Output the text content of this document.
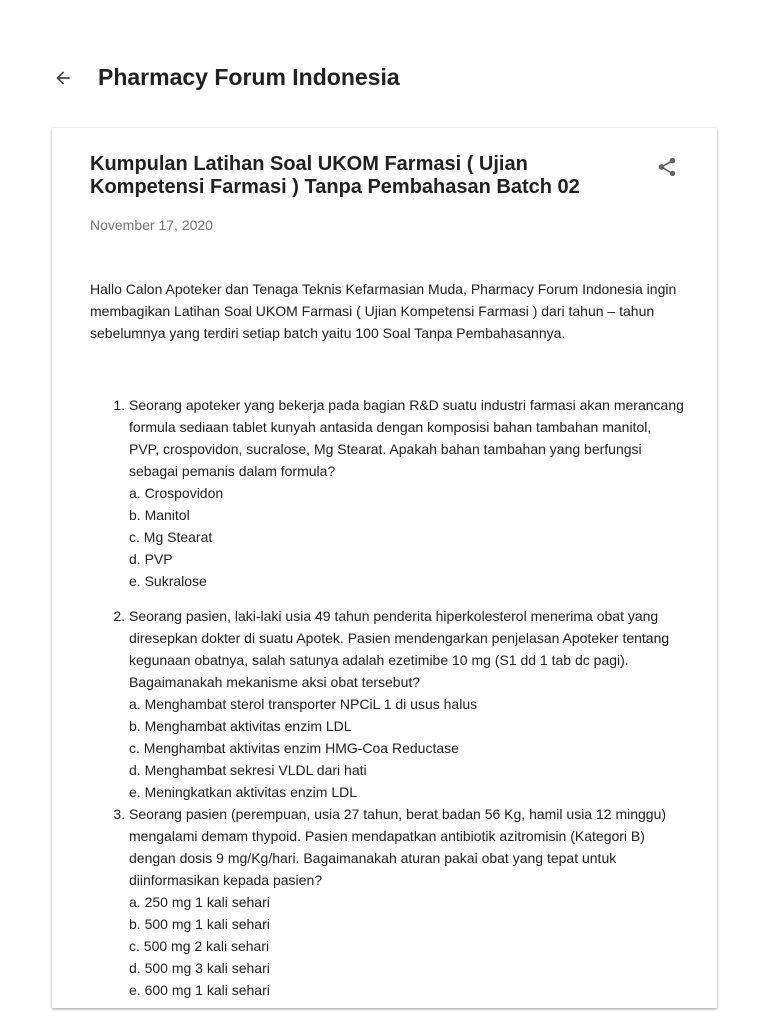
Pharmacy Forum Indonesia
Kumpulan Latihan Soal UKOM Farmasi ( Ujian Kompetensi Farmasi ) Tanpa Pembahasan Batch 02
November 17, 2020

Hallo Calon Apoteker dan Tenaga Teknis Kefarmasian Muda, Pharmacy Forum Indonesia ingin membagikan Latihan Soal UKOM Farmasi ( Ujian Kompetensi Farmasi ) dari tahun – tahun sebelumnya yang terdiri setiap batch yaitu 100 Soal Tanpa Pembahasannya.

1. Seorang apoteker yang bekerja pada bagian R&D suatu industri farmasi akan merancang formula sediaan tablet kunyah antasida dengan komposisi bahan tambahan manitol, PVP, crospovidon, sucralose, Mg Stearat. Apakah bahan tambahan yang berfungsi sebagai pemanis dalam formula?
a. Crospovidon
b. Manitol
c. Mg Stearat
d. PVP
e. Sukralose
2. Seorang pasien, laki-laki usia 49 tahun penderita hiperkolesterol menerima obat yang diresepkan dokter di suatu Apotek. Pasien mendengarkan penjelasan Apoteker tentang kegunaan obatnya, salah satunya adalah ezetimibe 10 mg (S1 dd 1 tab dc pagi). Bagaimanakah mekanisme aksi obat tersebut?
a. Menghambat sterol transporter NPCiL 1 di usus halus
b. Menghambat aktivitas enzim LDL
c. Menghambat aktivitas enzim HMG-Coa Reductase
d. Menghambat sekresi VLDL dari hati
e. Meningkatkan aktivitas enzim LDL
3. Seorang pasien (perempuan, usia 27 tahun, berat badan 56 Kg, hamil usia 12 minggu) mengalami demam thypoid. Pasien mendapatkan antibiotik azitromisin (Kategori B) dengan dosis 9 mg/Kg/hari. Bagaimanakah aturan pakai obat yang tepat untuk diinformasikan kepada pasien?
a. 250 mg 1 kali sehari
b. 500 mg 1 kali sehari
c. 500 mg 2 kali sehari
d. 500 mg 3 kali sehari
e. 600 mg 1 kali sehari
